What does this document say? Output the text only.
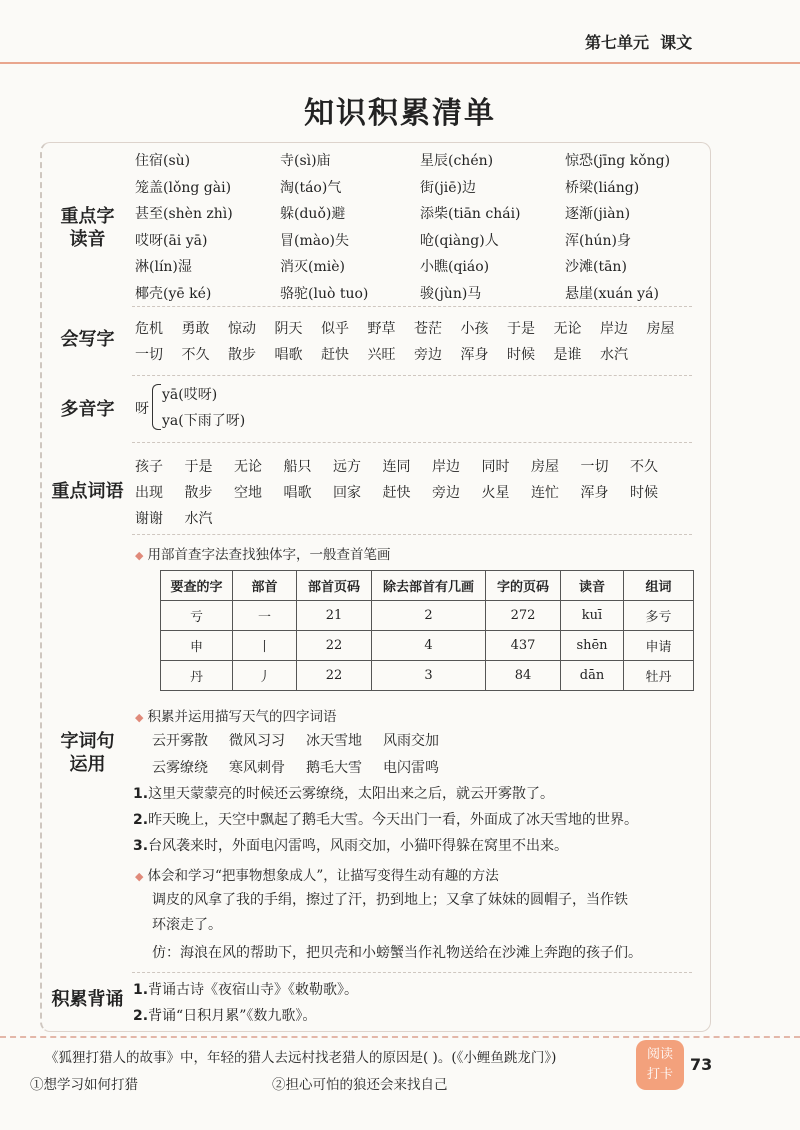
第七单元 课文
知识积累清单
重点字
读音
住宿(sù)	寺(sì)庙	星辰(chén)	惊恐(jīng kǒng)
笼盖(lǒng gài)	淘(táo)气	街(jiē)边	桥梁(liáng)
甚至(shèn zhì)	躲(duǒ)避	添柴(tiān chái)	逐渐(jiàn)
哎呀(āi yā)	冒(mào)失	呛(qiàng)人	浑(hún)身
淋(lín)湿	消灭(miè)	小瞧(qiáo)	沙滩(tān)
椰壳(yē ké)	骆驼(luò tuo)	骏(jùn)马	悬崖(xuán yá)
会写字	危机 勇敢 惊动 阴天 似乎 野草 苍茫 小孩 于是 无论 岸边 房屋
一切 不久 散步 唱歌 赶快 兴旺 旁边 浑身 时候 是谁 水汽
多音字	呀
yā(哎呀)
ya(下雨了呀)
重点词语
孩子 于是 无论 船只 远方 连同 岸边 同时 房屋 一切 不久
出现 散步 空地 唱歌 回家 赶快 旁边 火星 连忙 浑身 时候
谢谢 水汽
字词句
运用
◆ 用部首查字法查找独体字，一般查首笔画
要查的字	部首	部首页码	除去部首有几画	字的页码	读音	组词
亏	一	21	2	272	kuī	多亏
申	丨	22	4	437	shēn	申请
丹	丿	22	3	84	dān	牡丹
◆ 积累并运用描写天气的四字词语
云开雾散 微风习习 冰天雪地 风雨交加
云雾缭绕 寒风刺骨 鹅毛大雪 电闪雷鸣
1.这里天蒙蒙亮的时候还云雾缭绕，太阳出来之后，就云开雾散了。
2.昨天晚上，天空中飘起了鹅毛大雪。今天出门一看，外面成了冰天雪地的世界。
3.台风袭来时，外面电闪雷鸣，风雨交加，小猫吓得躲在窝里不出来。
◆ 体会和学习“把事物想象成人”，让描写变得生动有趣的方法
调皮的风拿了我的手绢，擦过了汗，扔到地上；又拿了妹妹的圆帽子，当作铁
环滚走了。
仿：海浪在风的帮助下，把贝壳和小螃蟹当作礼物送给在沙滩上奔跑的孩子们。
积累背诵 1.背诵古诗《夜宿山寺》《敕勒歌》。
2.背诵“日积月累”《数九歌》。
《狐狸打猎人的故事》中，年轻的猎人去远村找老猎人的原因是( )。(《小鲤鱼跳龙门》)
①想学习如何打猎	②担心可怕的狼还会来找自己
阅读
打卡
73
